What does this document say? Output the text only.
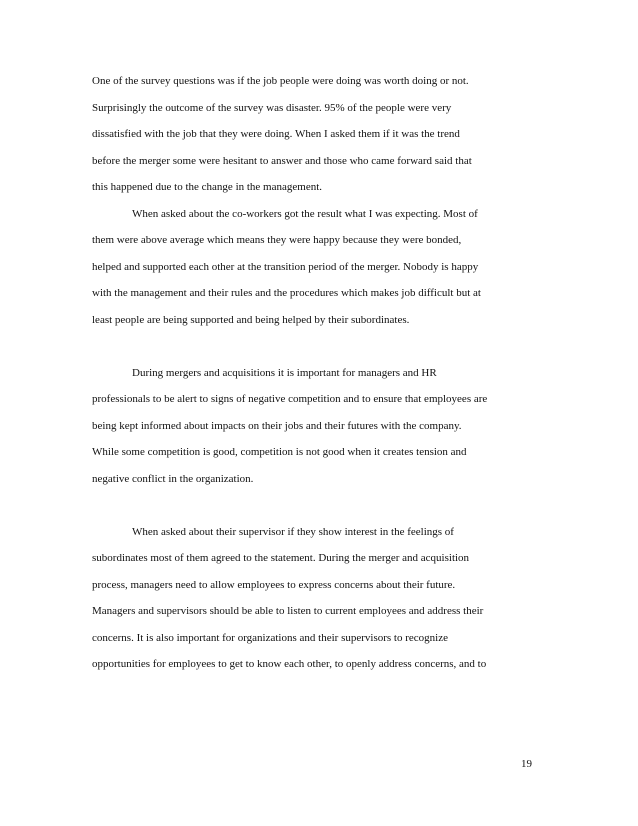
One of the survey questions was if the job people were doing was worth doing or not.
Surprisingly the outcome of the survey was disaster. 95% of the people were very
dissatisfied with the job that they were doing. When I asked them if it was the trend
before the merger some were hesitant to answer and those who came forward said that
this happened due to the change in the management.
When asked about the co-workers got the result what I was expecting. Most of
them were above average which means they were happy because they were bonded,
helped and supported each other at the transition period of the merger. Nobody is happy
with the management and their rules and the procedures which makes job difficult but at
least people are being supported and being helped by their subordinates.
During mergers and acquisitions it is important for managers and HR
professionals to be alert to signs of negative competition and to ensure that employees are
being kept informed about impacts on their jobs and their futures with the company.
While some competition is good, competition is not good when it creates tension and
negative conflict in the organization.
When asked about their supervisor if they show interest in the feelings of
subordinates most of them agreed to the statement. During the merger and acquisition
process, managers need to allow employees to express concerns about their future.
Managers and supervisors should be able to listen to current employees and address their
concerns. It is also important for organizations and their supervisors to recognize
opportunities for employees to get to know each other, to openly address concerns, and to
19
